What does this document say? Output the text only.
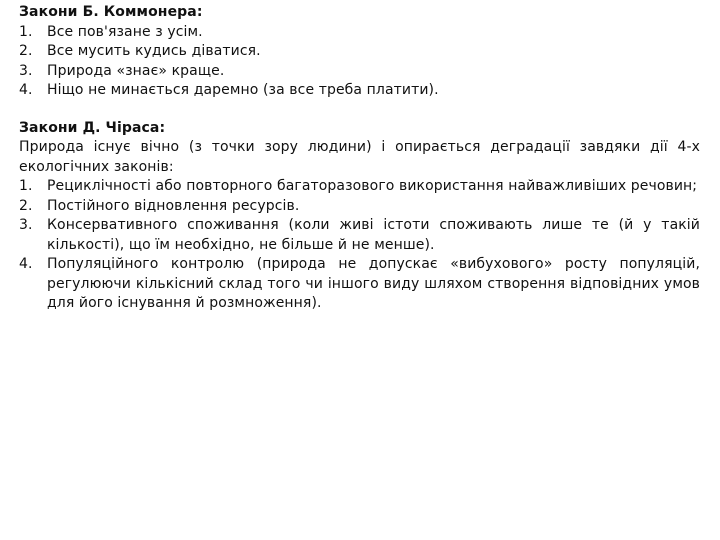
Закони Б. Коммонера:
1. Все пов'язане з усім.
2. Все мусить кудись діватися.
3. Природа «знає» краще.
4. Ніщо не минається даремно (за все треба платити).
Закони Д. Чіраса:
Природа існує вічно (з точки зору людини) і опирається деградації завдяки дії 4-х екологічних законів:
1. Рециклічності або повторного багаторазового використання найважливіших речовин;
2. Постійного відновлення ресурсів.
3. Консервативного споживання (коли живі істоти споживають лише те (й у такій кількості), що їм необхідно, не більше й не менше).
4. Популяційного контролю (природа не допускає «вибухового» росту популяцій, регулюючи кількісний склад того чи іншого виду шляхом створення відповідних умов для його існування й розмноження).
